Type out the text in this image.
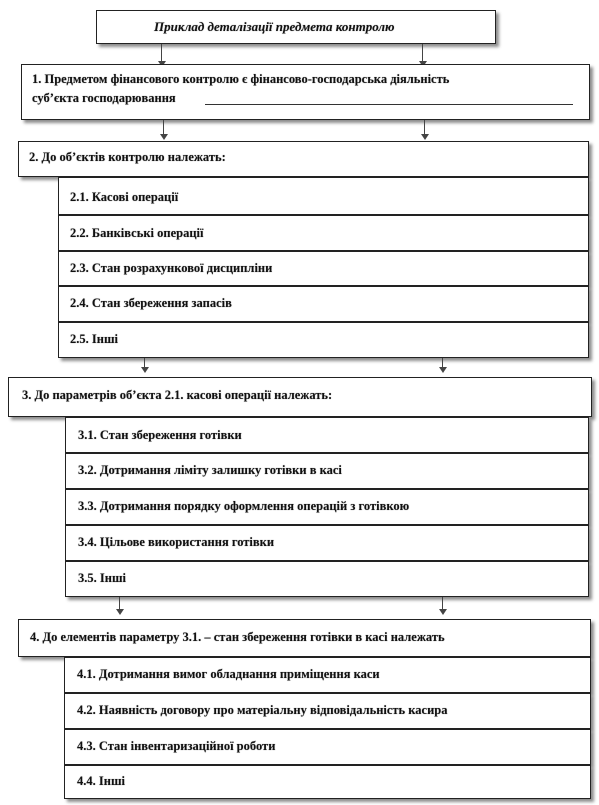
Приклад деталізації предмета контролю
1. Предметом фінансового контролю є фінансово-господарська діяльність
суб’єкта господарювання
2. До об’єктів контролю належать:
2.1. Касові операції
2.2. Банківські операції
2.3. Стан розрахункової дисципліни
2.4. Стан збереження запасів
2.5. Інші
3. До параметрів об’єкта 2.1. касові операції належать:
3.1. Стан збереження готівки
3.2. Дотримання ліміту залишку готівки в касі
3.3. Дотримання порядку оформлення операцій з готівкою
3.4. Цільове використання готівки
3.5. Інші
4. До елементів параметру 3.1. – стан збереження готівки в касі належать
4.1. Дотримання вимог обладнання приміщення каси
4.2. Наявність договору про матеріальну відповідальність касира
4.3. Стан інвентаризаційної роботи
4.4. Інші
